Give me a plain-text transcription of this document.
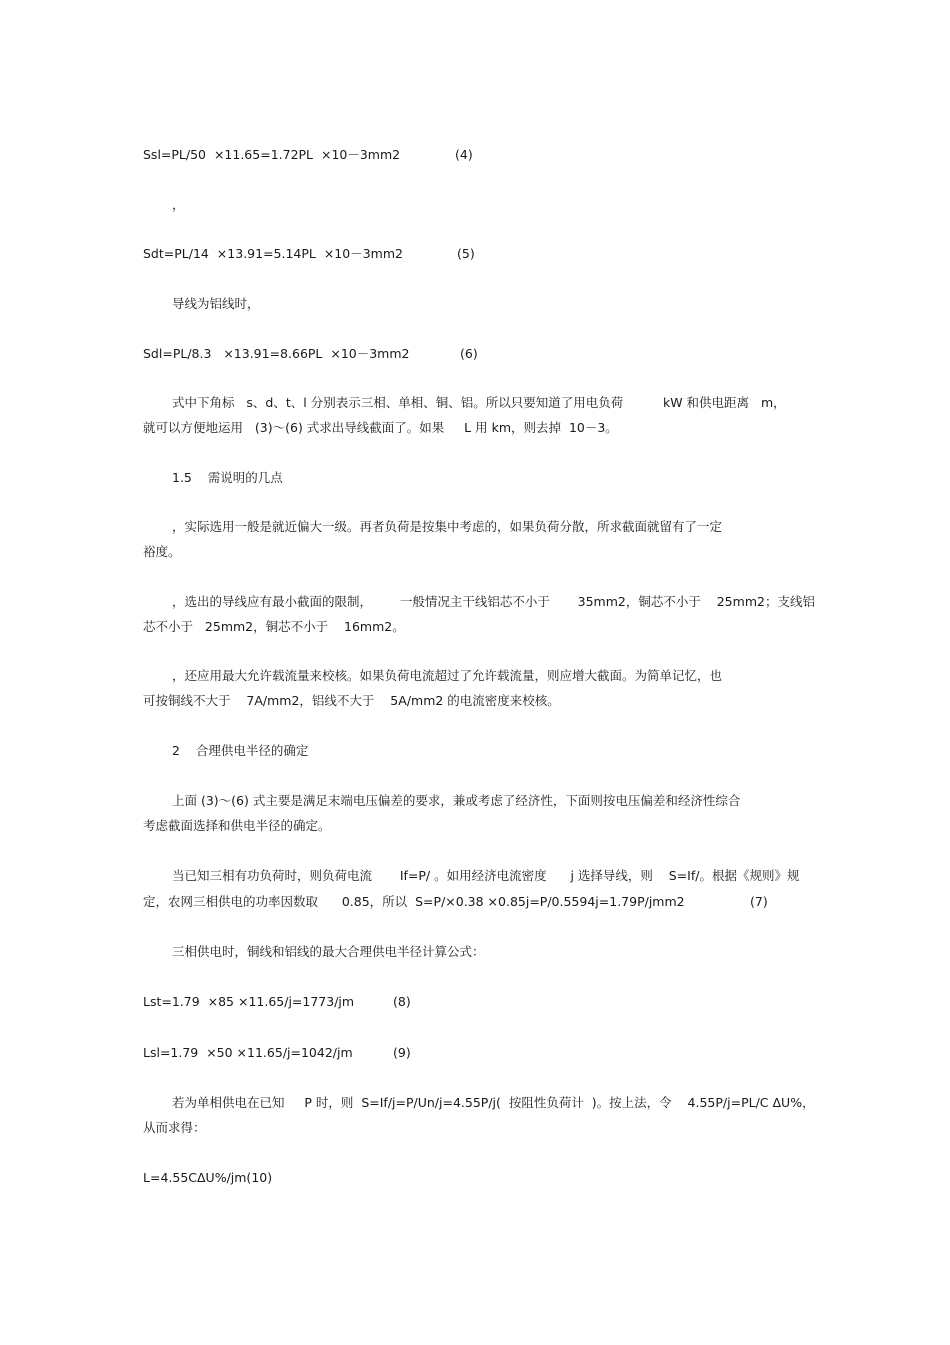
Ssl=PL/50  ×11.65=1.72PL  ×10－3mm2	(4)
，
Sdt=PL/14  ×13.91=5.14PL  ×10－3mm2	(5)
导线为铝线时，
Sdl=PL/8.3   ×13.91=8.66PL  ×10－3mm2	(6)
式中下角标   s、d、t、l 分别表示三相、单相、铜、铝。所以只要知道了用电负荷          kW 和供电距离   m，
就可以方便地运用   (3)～(6) 式求出导线截面了。如果     L 用 km，则去掉  10－3。
1.5    需说明的几点
，实际选用一般是就近偏大一级。再者负荷是按集中考虑的，如果负荷分散，所求截面就留有了一定
裕度。
，选出的导线应有最小截面的限制，       一般情况主干线铝芯不小于       35mm2，铜芯不小于    25mm2；支线铝
芯不小于   25mm2，铜芯不小于    16mm2。
，还应用最大允许载流量来校核。如果负荷电流超过了允许载流量，则应增大截面。为简单记忆，也
可按铜线不大于    7A/mm2，铝线不大于    5A/mm2 的电流密度来校核。
2    合理供电半径的确定
上面 (3)～(6) 式主要是满足末端电压偏差的要求，兼或考虑了经济性，下面则按电压偏差和经济性综合
考虑截面选择和供电半径的确定。
当已知三相有功负荷时，则负荷电流       If=P/ 。如用经济电流密度      j 选择导线，则    S=If/。根据《规则》规
定，农网三相供电的功率因数取      0.85，所以  S=P/×0.38 ×0.85j=P/0.5594j=1.79P/jmm2	(7)
三相供电时，铜线和铝线的最大合理供电半径计算公式：
Lst=1.79  ×85 ×11.65/j=1773/jm	(8)
Lsl=1.79  ×50 ×11.65/j=1042/jm	(9)
若为单相供电在已知     P 时，则  S=If/j=P/Un/j=4.55P/j(  按阻性负荷计  )。按上法，令    4.55P/j=PL/C ΔU%，
从而求得：
L=4.55CΔU%/jm(10)
